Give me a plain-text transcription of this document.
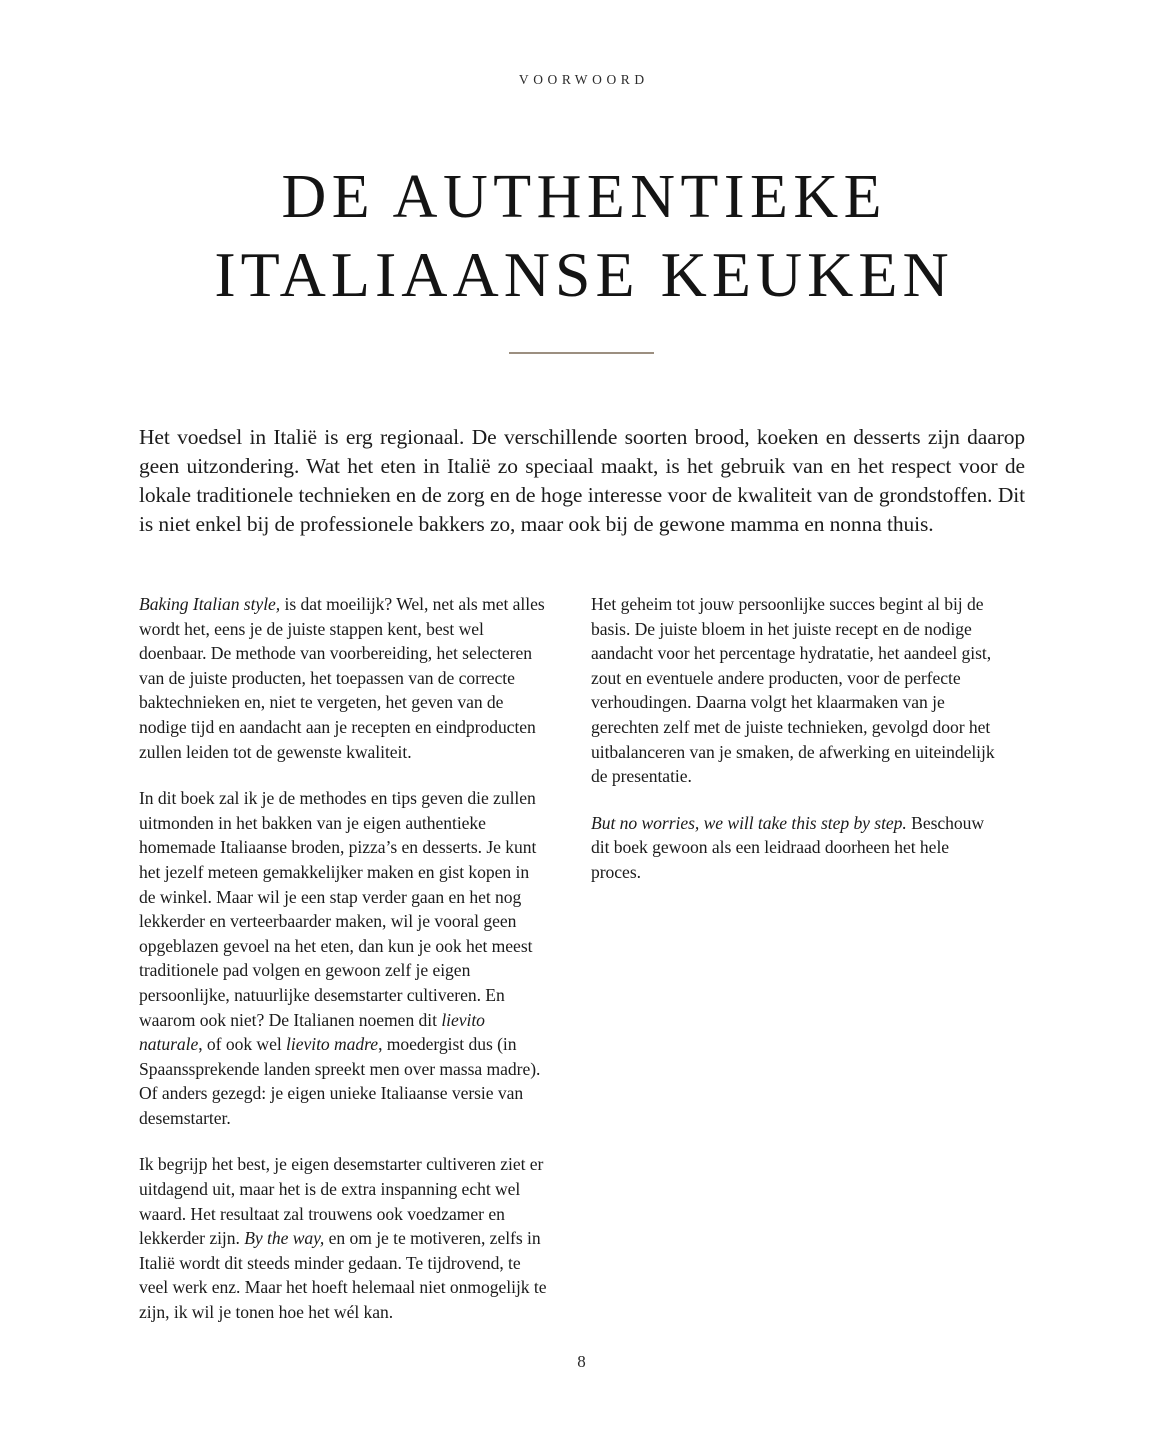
VOORWOORD
DE AUTHENTIEKE
ITALIAANSE KEUKEN
Het voedsel in Italië is erg regionaal. De verschillende soorten brood, koeken en desserts zijn daarop geen uitzondering. Wat het eten in Italië zo speciaal maakt, is het gebruik van en het respect voor de lokale traditionele technieken en de zorg en de hoge interesse voor de kwaliteit van de grondstoffen. Dit is niet enkel bij de professionele bakkers zo, maar ook bij de gewone mamma en nonna thuis.

Baking Italian style, is dat moeilijk? Wel, net als met alles wordt het, eens je de juiste stappen kent, best wel doenbaar. De methode van voorbereiding, het selecteren van de juiste producten, het toepassen van de correcte baktechnieken en, niet te vergeten, het geven van de nodige tijd en aandacht aan je recepten en eindproducten zullen leiden tot de gewenste kwaliteit.

In dit boek zal ik je de methodes en tips geven die zullen uitmonden in het bakken van je eigen authentieke homemade Italiaanse broden, pizza’s en desserts. Je kunt het jezelf meteen gemakkelijker maken en gist kopen in de winkel. Maar wil je een stap verder gaan en het nog lekkerder en verteerbaarder maken, wil je vooral geen opgeblazen gevoel na het eten, dan kun je ook het meest traditionele pad volgen en gewoon zelf je eigen persoonlijke, natuurlijke desemstarter cultiveren. En waarom ook niet? De Italianen noemen dit lievito naturale, of ook wel lievito madre, moedergist dus (in Spaanssprekende landen spreekt men over massa madre). Of anders gezegd: je eigen unieke Italiaanse versie van desemstarter.

Ik begrijp het best, je eigen desemstarter cultiveren ziet er uitdagend uit, maar het is de extra inspanning echt wel waard. Het resultaat zal trouwens ook voedzamer en lekkerder zijn. By the way, en om je te motiveren, zelfs in Italië wordt dit steeds minder gedaan. Te tijdrovend, te veel werk enz. Maar het hoeft helemaal niet onmogelijk te zijn, ik wil je tonen hoe het wél kan.

Het geheim tot jouw persoonlijke succes begint al bij de basis. De juiste bloem in het juiste recept en de nodige aandacht voor het percentage hydratatie, het aandeel gist, zout en eventuele andere producten, voor de perfecte verhoudingen. Daarna volgt het klaarmaken van je gerechten zelf met de juiste technieken, gevolgd door het uitbalanceren van je smaken, de afwerking en uiteindelijk de presentatie.

But no worries, we will take this step by step. Beschouw dit boek gewoon als een leidraad doorheen het hele proces.

8
